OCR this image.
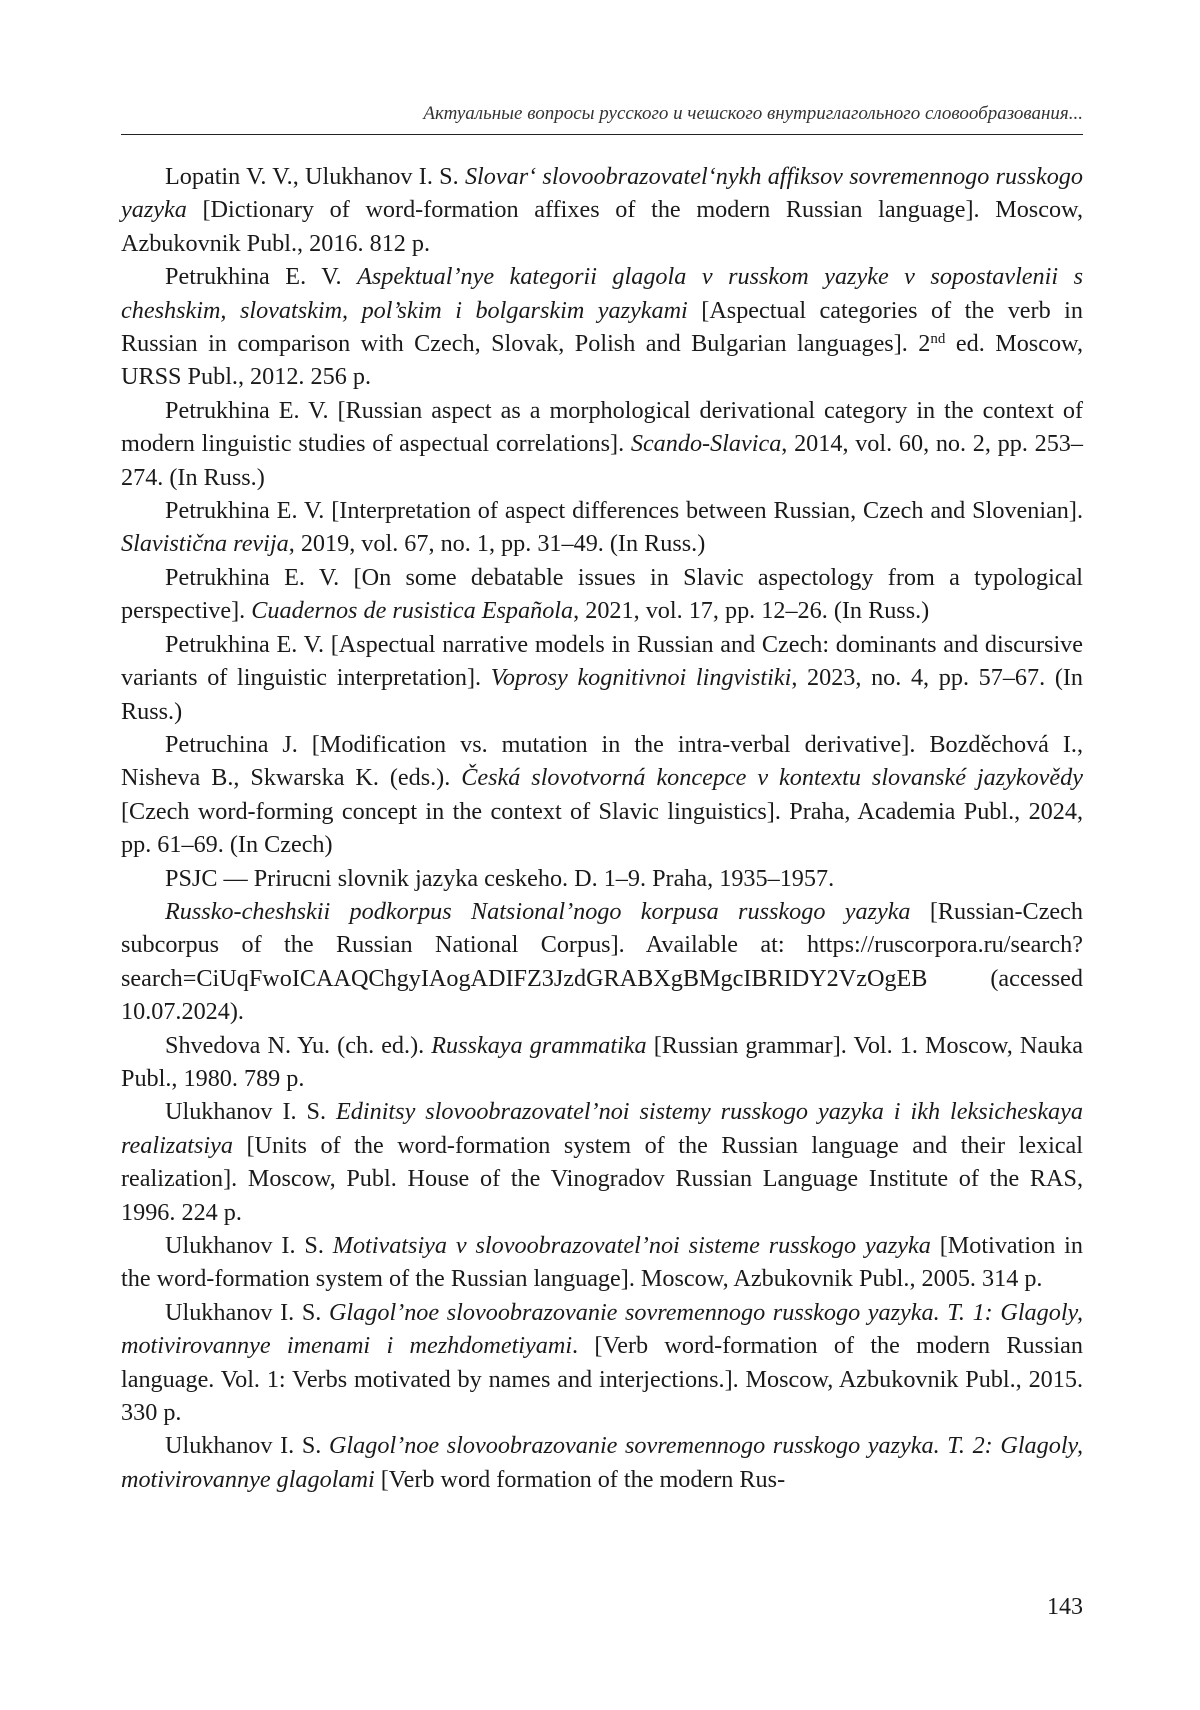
Актуальные вопросы русского и чешского внутриглагольного словообразования...

Lopatin V. V., Ulukhanov I. S. Slovar‘ slovoobrazovatel‘nykh affiksov sovremennogo russkogo yazyka [Dictionary of word-formation affixes of the modern Russian language]. Moscow, Azbukovnik Publ., 2016. 812 p.

Petrukhina E. V. Aspektual’nye kategorii glagola v russkom yazyke v sopostavlenii s cheshskim, slovatskim, pol’skim i bolgarskim yazykami [Aspectual categories of the verb in Russian in comparison with Czech, Slovak, Polish and Bulgarian languages]. 2nd ed. Moscow, URSS Publ., 2012. 256 p.

Petrukhina E. V. [Russian aspect as a morphological derivational category in the context of modern linguistic studies of aspectual correlations]. Scando-Slavica, 2014, vol. 60, no. 2, pp. 253–274. (In Russ.)

Petrukhina E. V. [Interpretation of aspect differences between Russian, Czech and Slovenian]. Slavistična revija, 2019, vol. 67, no. 1, pp. 31–49. (In Russ.)

Petrukhina E. V. [On some debatable issues in Slavic aspectology from a typological perspective]. Cuadernos de rusistica Española, 2021, vol. 17, pp. 12–26. (In Russ.)

Petrukhina E. V. [Aspectual narrative models in Russian and Czech: dominants and discursive variants of linguistic interpretation]. Voprosy kognitivnoi lingvistiki, 2023, no. 4, pp. 57–67. (In Russ.)

Petruchina J. [Modification vs. mutation in the intra-verbal derivative]. Bozděchová I., Nisheva B., Skwarska K. (eds.). Česká slovotvorná koncepce v kontextu slovanské jazykovědy [Czech word-forming concept in the context of Slavic linguistics]. Praha, Academia Publ., 2024, pp. 61–69. (In Czech)

PSJC — Prirucni slovnik jazyka ceskeho. D. 1–9. Praha, 1935–1957.

Russko-cheshskii podkorpus Natsional’nogo korpusa russkogo yazyka [Russian-Czech subcorpus of the Russian National Corpus]. Available at: https://ruscorpora.ru/search?search=CiUqFwoICAAQChgyIAogADIFZ3JzdGRABXgBMgcIBRIDY2VzOgEB (accessed 10.07.2024).

Shvedova N. Yu. (ch. ed.). Russkaya grammatika [Russian grammar]. Vol. 1. Moscow, Nauka Publ., 1980. 789 p.

Ulukhanov I. S. Edinitsy slovoobrazovatel’noi sistemy russkogo yazyka i ikh leksicheskaya realizatsiya [Units of the word-formation system of the Russian language and their lexical realization]. Moscow, Publ. House of the Vinogradov Russian Language Institute of the RAS, 1996. 224 p.

Ulukhanov I. S. Motivatsiya v slovoobrazovatel’noi sisteme russkogo yazyka [Motivation in the word-formation system of the Russian language]. Moscow, Azbukovnik Publ., 2005. 314 p.

Ulukhanov I. S. Glagol’noe slovoobrazovanie sovremennogo russkogo yazyka. T. 1: Glagoly, motivirovannye imenami i mezhdometiyami. [Verb word-formation of the modern Russian language. Vol. 1: Verbs motivated by names and interjections.]. Moscow, Azbukovnik Publ., 2015. 330 p.

Ulukhanov I. S. Glagol’noe slovoobrazovanie sovremennogo russkogo yazyka. T. 2: Glagoly, motivirovannye glagolami [Verb word formation of the modern Rus-

143
